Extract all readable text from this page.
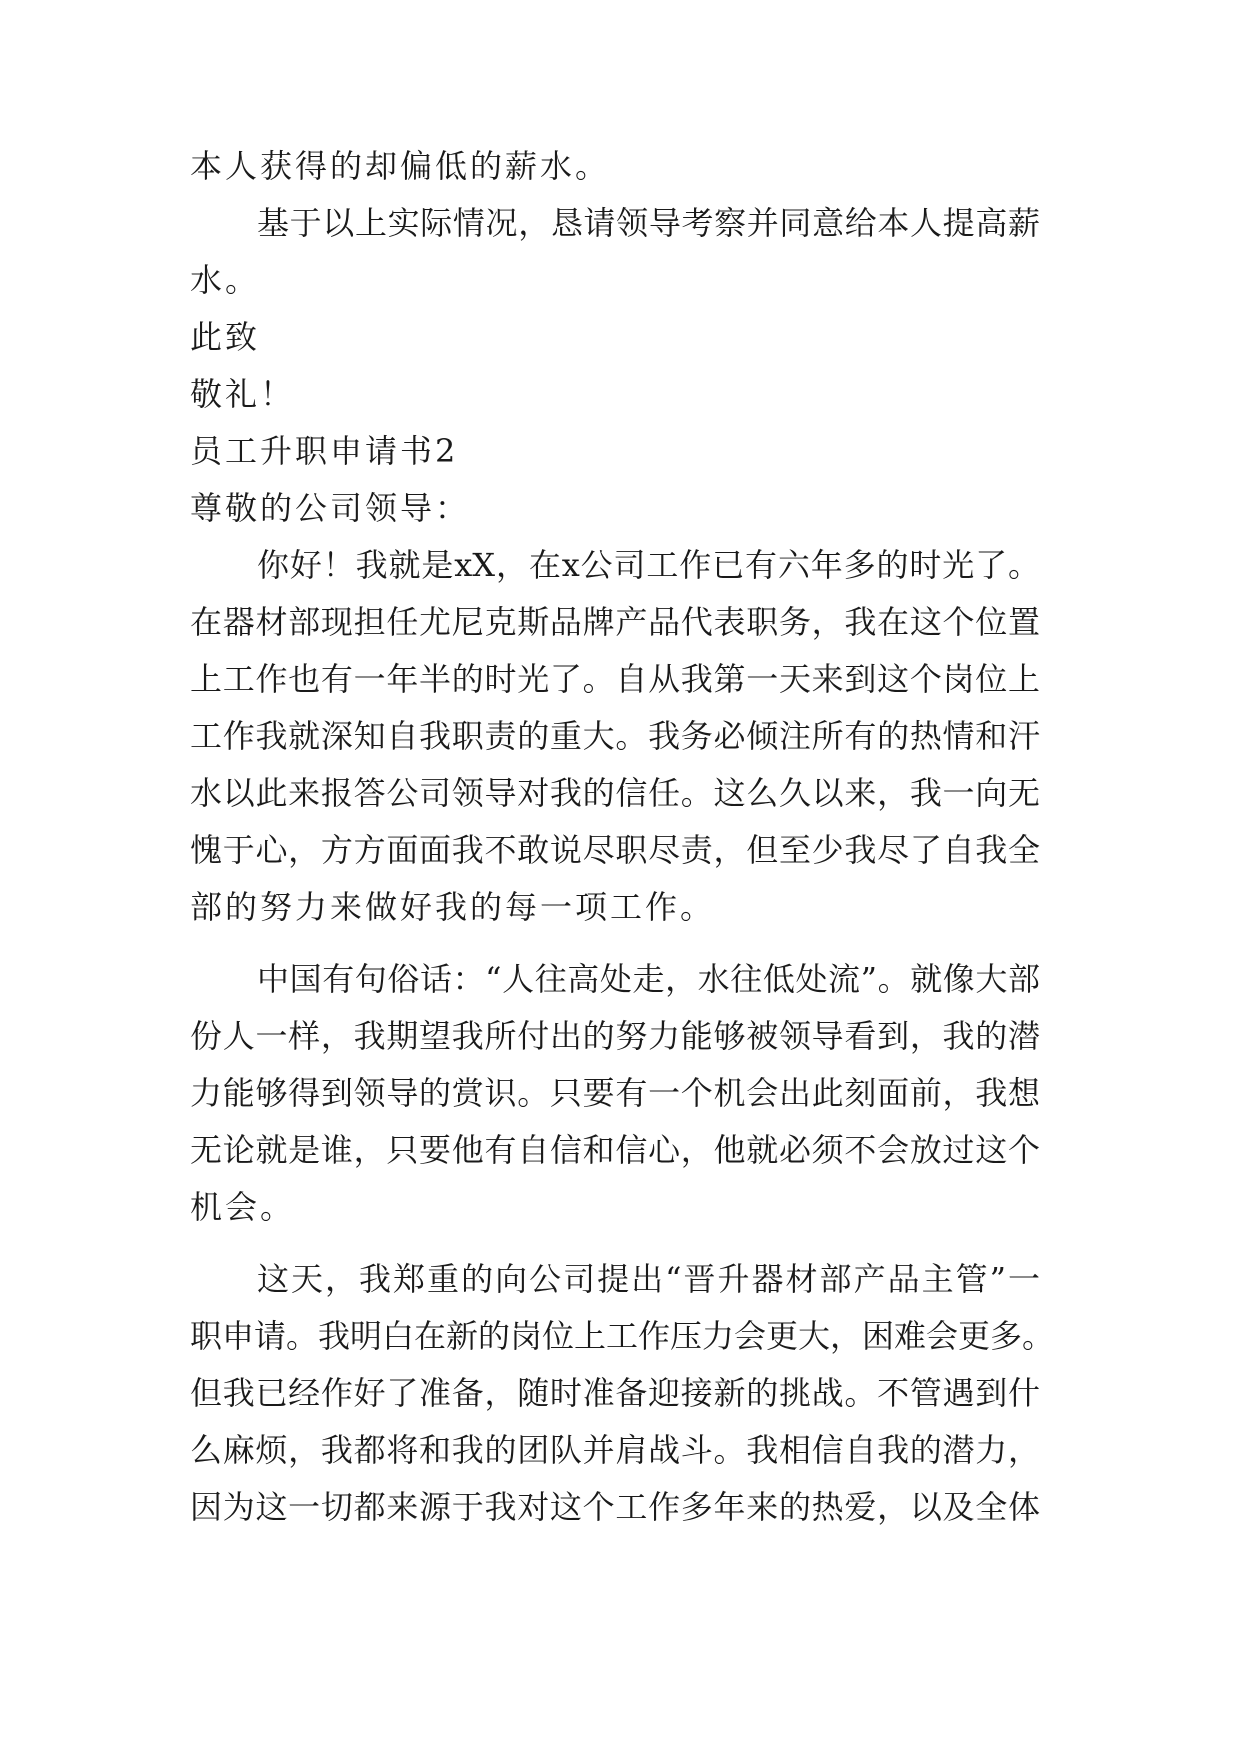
本人获得的却偏低的薪水。

基于以上实际情况，恳请领导考察并同意给本人提高薪

水。

此致

敬礼！

员工升职申请书2

尊敬的公司领导：

你好！我就是xX，在x公司工作已有六年多的时光了。

在器材部现担任尤尼克斯品牌产品代表职务，我在这个位置

上工作也有一年半的时光了。自从我第一天来到这个岗位上

工作我就深知自我职责的重大。我务必倾注所有的热情和汗

水以此来报答公司领导对我的信任。这么久以来，我一向无

愧于心，方方面面我不敢说尽职尽责，但至少我尽了自我全

部的努力来做好我的每一项工作。

中国有句俗话：“人往高处走，水往低处流”。就像大部

份人一样，我期望我所付出的努力能够被领导看到，我的潜

力能够得到领导的赏识。只要有一个机会出此刻面前，我想

无论就是谁，只要他有自信和信心，他就必须不会放过这个

机会。

这天，我郑重的向公司提出“晋升器材部产品主管”一

职申请。我明白在新的岗位上工作压力会更大，困难会更多。

但我已经作好了准备，随时准备迎接新的挑战。不管遇到什

么麻烦，我都将和我的团队并肩战斗。我相信自我的潜力，

因为这一切都来源于我对这个工作多年来的热爱，以及全体
